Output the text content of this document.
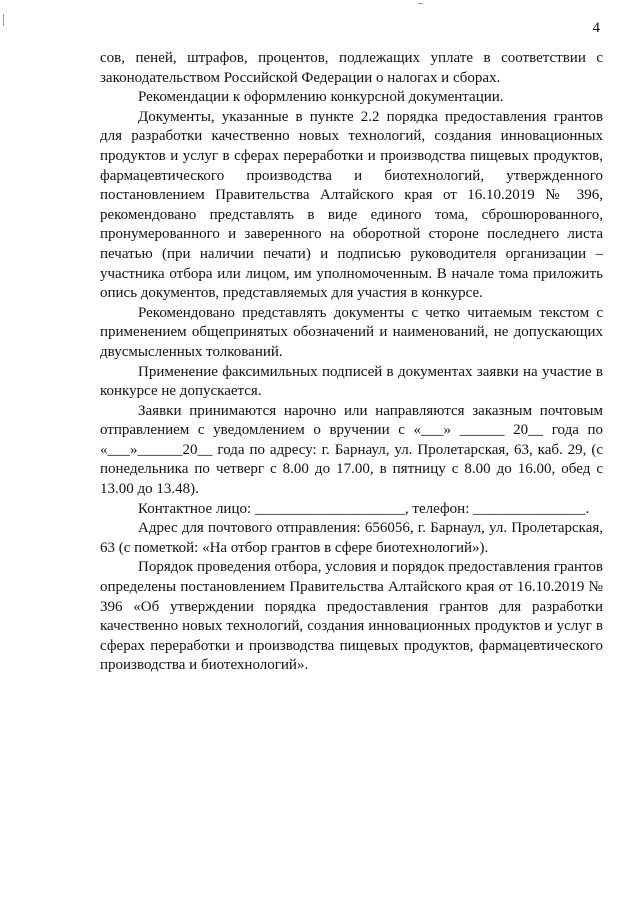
4

сов, пеней, штрафов, процентов, подлежащих уплате в соответствии с законодательством Российской Федерации о налогах и сборах.

Рекомендации к оформлению конкурсной документации.

Документы, указанные в пункте 2.2 порядка предоставления грантов для разработки качественно новых технологий, создания инновационных продуктов и услуг в сферах переработки и производства пищевых продуктов, фармацевтического производства и биотехнологий, утвержденного постановлением Правительства Алтайского края от 16.10.2019 № 396, рекомендовано представлять в виде единого тома, сброшюрованного, пронумерованного и заверенного на оборотной стороне последнего листа печатью (при наличии печати) и подписью руководителя организации – участника отбора или лицом, им уполномоченным. В начале тома приложить опись документов, представляемых для участия в конкурсе.

Рекомендовано представлять документы с четко читаемым текстом с применением общепринятых обозначений и наименований, не допускающих двусмысленных толкований.

Применение факсимильных подписей в документах заявки на участие в конкурсе не допускается.

Заявки принимаются нарочно или направляются заказным почтовым отправлением с уведомлением о вручении с «___» ______ 20__ года по «___»______20__ года по адресу: г. Барнаул, ул. Пролетарская, 63, каб. 29, (с понедельника по четверг с 8.00 до 17.00, в пятницу с 8.00 до 16.00, обед с 13.00 до 13.48).

Контактное лицо: ____________________, телефон: _______________.

Адрес для почтового отправления: 656056, г. Барнаул, ул. Пролетарская, 63 (с пометкой: «На отбор грантов в сфере биотехнологий»).

Порядок проведения отбора, условия и порядок предоставления грантов определены постановлением Правительства Алтайского края от 16.10.2019 № 396 «Об утверждении порядка предоставления грантов для разработки качественно новых технологий, создания инновационных продуктов и услуг в сферах переработки и производства пищевых продуктов, фармацевтического производства и биотехнологий».
